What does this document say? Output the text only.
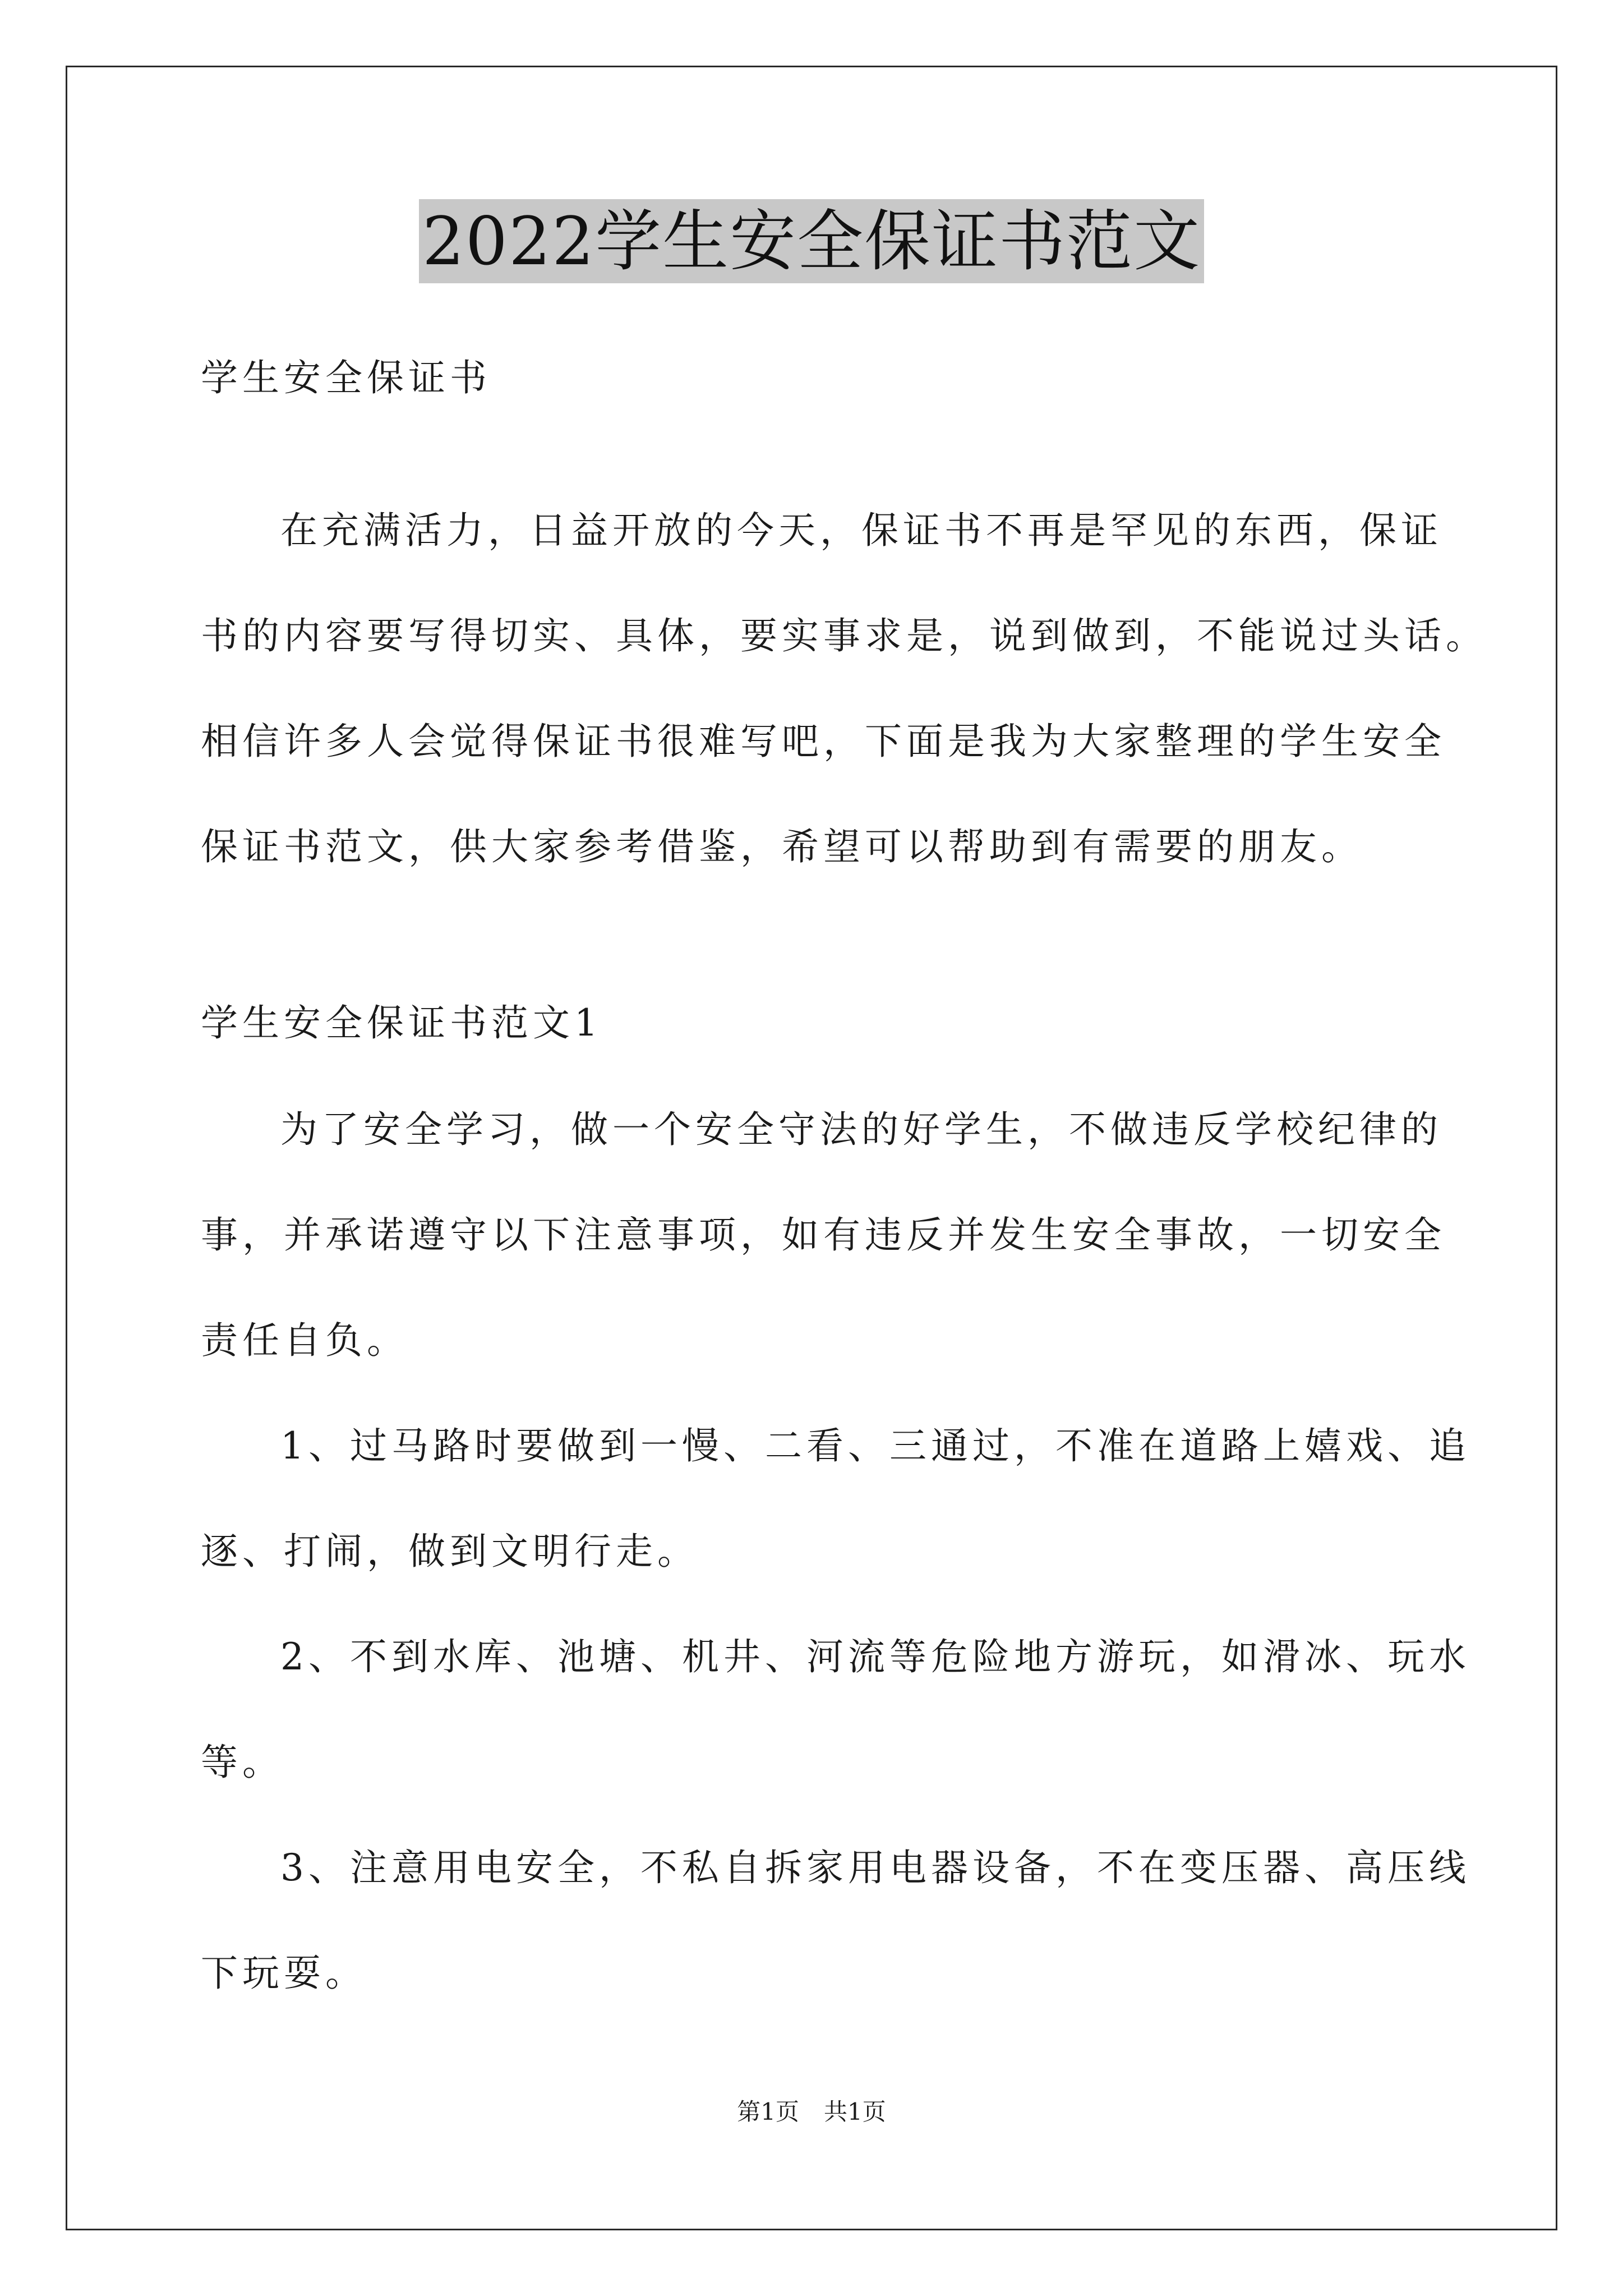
2022学生安全保证书范文
学生安全保证书
在充满活力，日益开放的今天，保证书不再是罕见的东西，保证
书的内容要写得切实、具体，要实事求是，说到做到，不能说过头话。
相信许多人会觉得保证书很难写吧，下面是我为大家整理的学生安全
保证书范文，供大家参考借鉴，希望可以帮助到有需要的朋友。
学生安全保证书范文1
为了安全学习，做一个安全守法的好学生，不做违反学校纪律的
事，并承诺遵守以下注意事项，如有违反并发生安全事故，一切安全
责任自负。
1、过马路时要做到一慢、二看、三通过，不准在道路上嬉戏、追
逐、打闹，做到文明行走。
2、不到水库、池塘、机井、河流等危险地方游玩，如滑冰、玩水
等。
3、注意用电安全，不私自拆家用电器设备，不在变压器、高压线
下玩耍。
第1页 共1页
